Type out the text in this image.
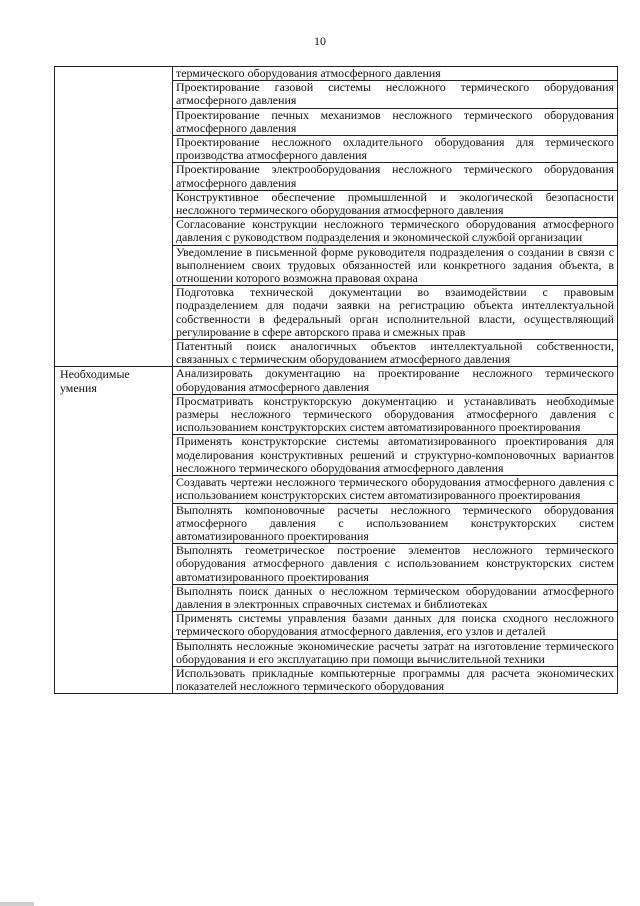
10
	термического оборудования атмосферного давления
	Проектирование газовой системы несложного термического оборудования атмосферного давления
	Проектирование печных механизмов несложного термического оборудования атмосферного давления
	Проектирование несложного охладительного оборудования для термического производства атмосферного давления
	Проектирование электрооборудования несложного термического оборудования атмосферного давления
	Конструктивное обеспечение промышленной и экологической безопасности несложного термического оборудования атмосферного давления
	Согласование конструкции несложного термического оборудования атмосферного давления с руководством подразделения и экономической службой организации
	Уведомление в письменной форме руководителя подразделения о создании в связи с выполнением своих трудовых обязанностей или конкретного задания объекта, в отношении которого возможна правовая охрана
	Подготовка технической документации во взаимодействии с правовым подразделением для подачи заявки на регистрацию объекта интеллектуальной собственности в федеральный орган исполнительной власти, осуществляющий регулирование в сфере авторского права и смежных прав
	Патентный поиск аналогичных объектов интеллектуальной собственности, связанных с термическим оборудованием атмосферного давления

Необходимые умения	Анализировать документацию на проектирование несложного термического оборудования атмосферного давления
	Просматривать конструкторскую документацию и устанавливать необходимые размеры несложного термического оборудования атмосферного давления с использованием конструкторских систем автоматизированного проектирования
	Применять конструкторские системы автоматизированного проектирования для моделирования конструктивных решений и структурно-компоновочных вариантов несложного термического оборудования атмосферного давления
	Создавать чертежи несложного термического оборудования атмосферного давления с использованием конструкторских систем автоматизированного проектирования
	Выполнять компоновочные расчеты несложного термического оборудования атмосферного давления с использованием конструкторских систем автоматизированного проектирования
	Выполнять геометрическое построение элементов несложного термического оборудования атмосферного давления с использованием конструкторских систем автоматизированного проектирования
	Выполнять поиск данных о несложном термическом оборудовании атмосферного давления в электронных справочных системах и библиотеках
	Применять системы управления базами данных для поиска сходного несложного термического оборудования атмосферного давления, его узлов и деталей
	Выполнять несложные экономические расчеты затрат на изготовление термического оборудования и его эксплуатацию при помощи вычислительной техники
	Использовать прикладные компьютерные программы для расчета экономических показателей несложного термического оборудования
